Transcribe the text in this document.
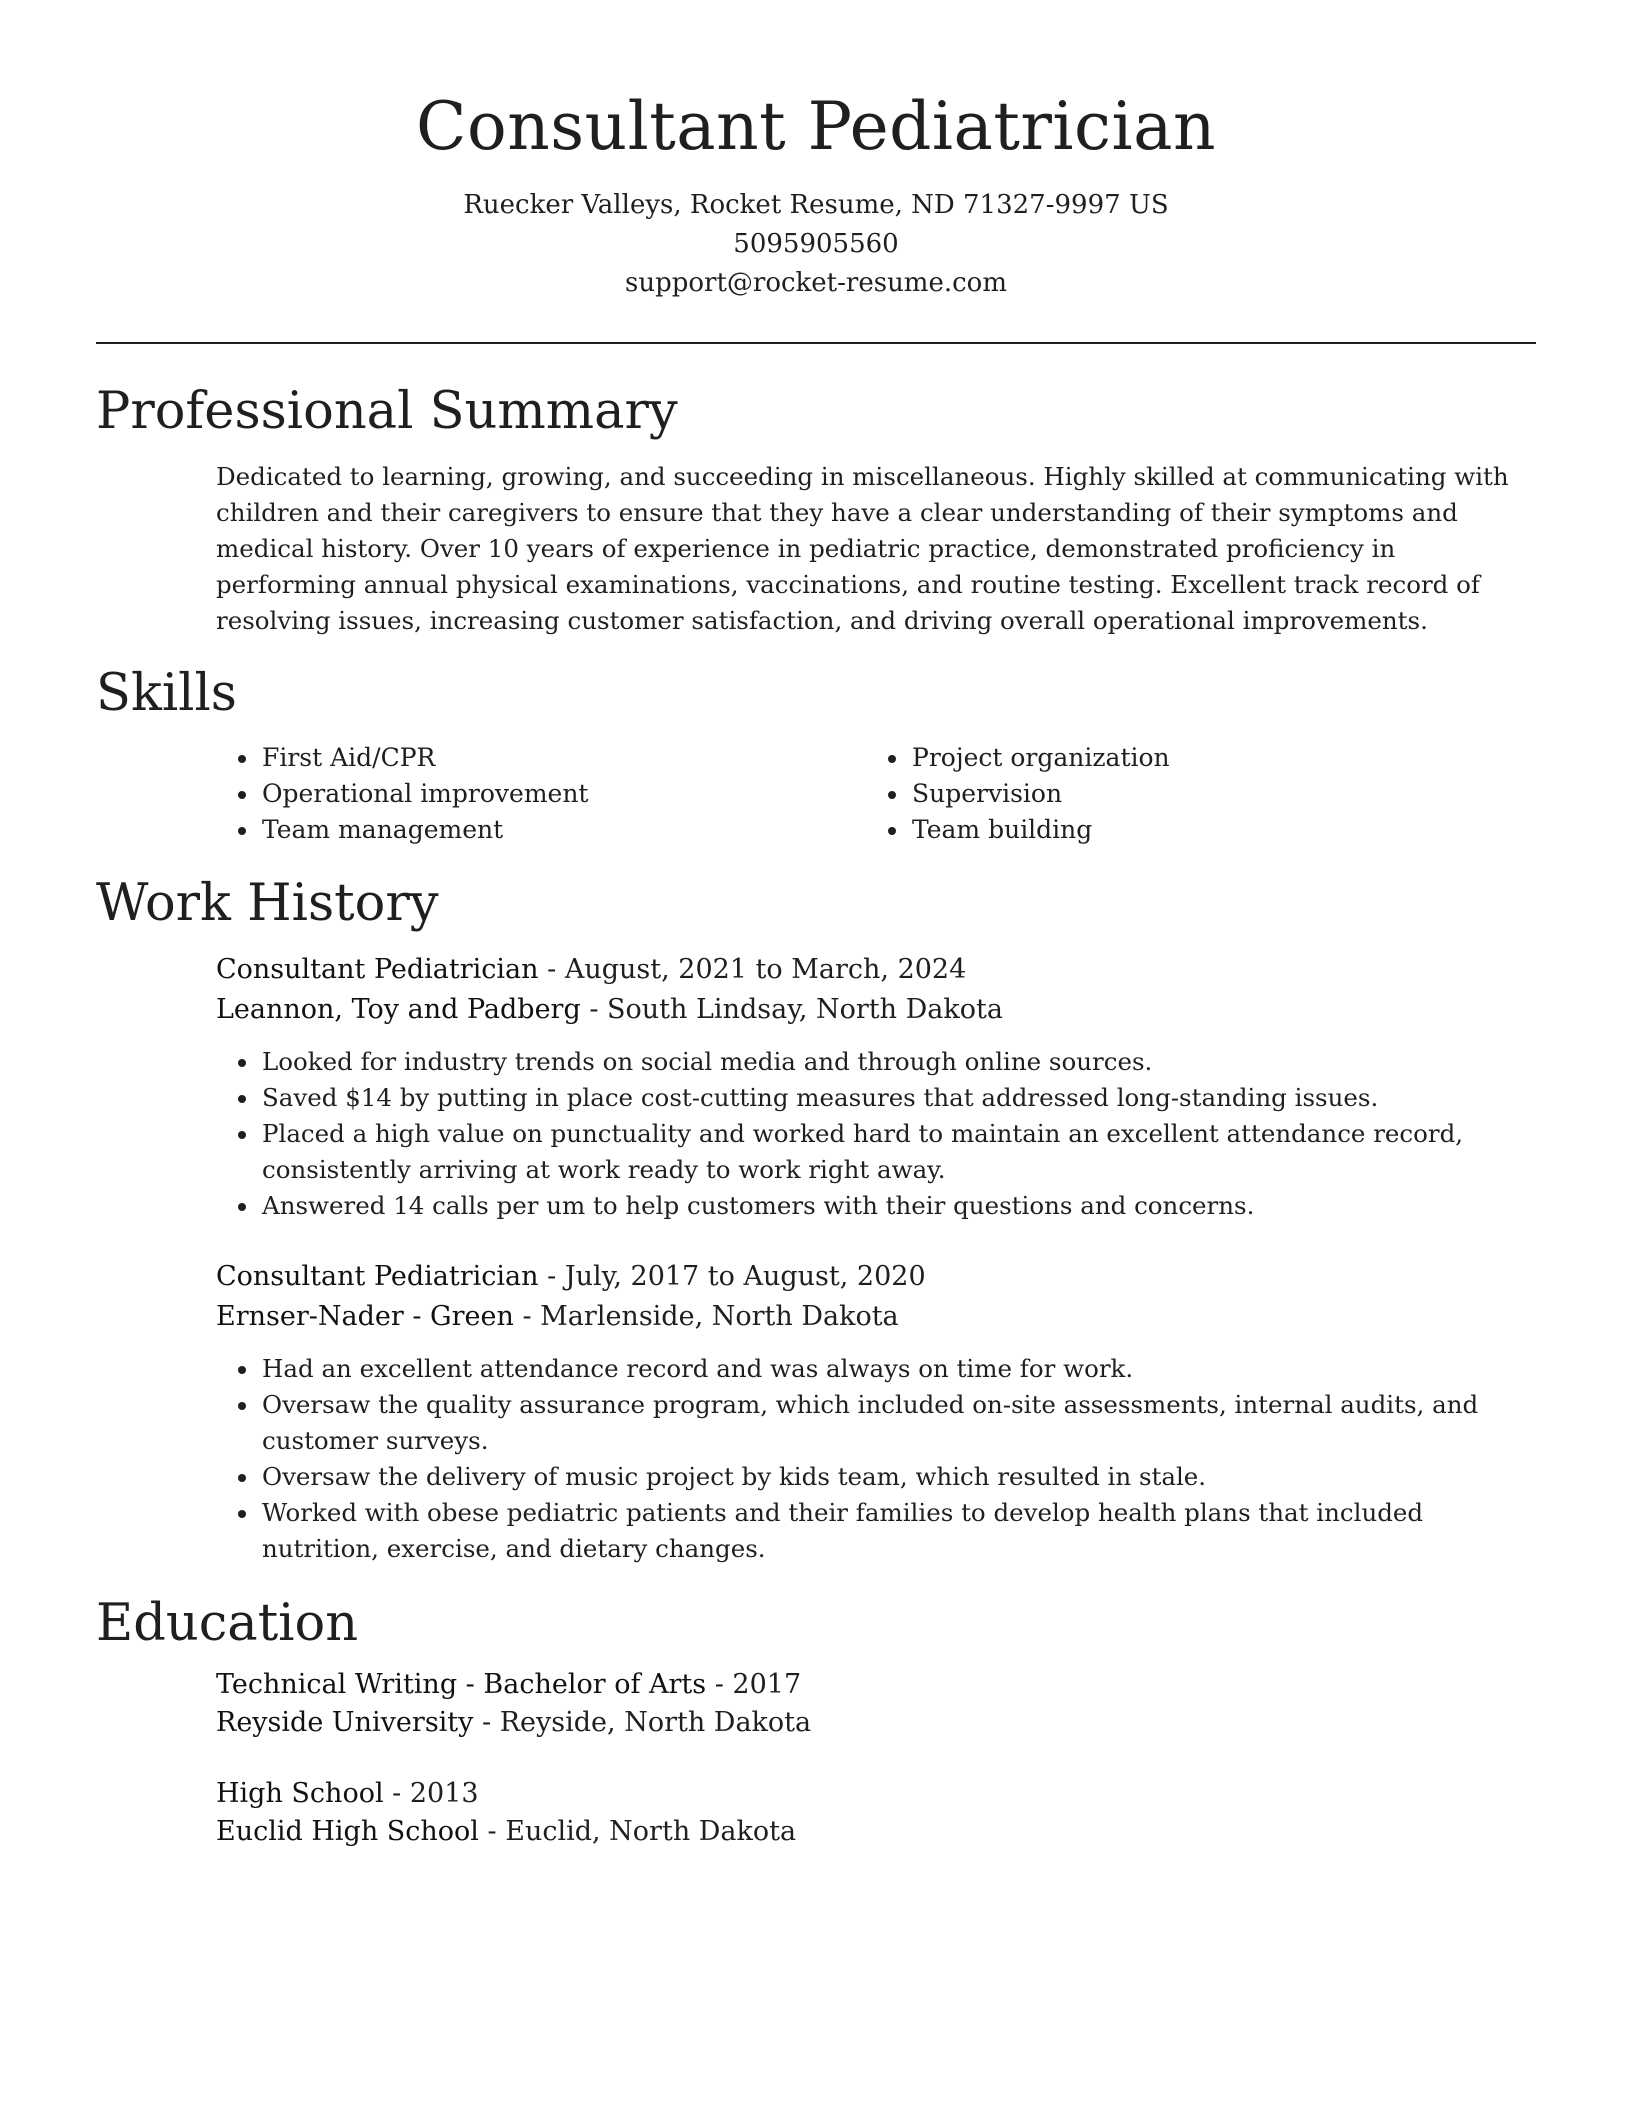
Consultant Pediatrician
Ruecker Valleys, Rocket Resume, ND 71327-9997 US
5095905560
support@rocket-resume.com
Professional Summary
Dedicated to learning, growing, and succeeding in miscellaneous. Highly skilled at communicating with children and their caregivers to ensure that they have a clear understanding of their symptoms and medical history. Over 10 years of experience in pediatric practice, demonstrated proficiency in performing annual physical examinations, vaccinations, and routine testing. Excellent track record of resolving issues, increasing customer satisfaction, and driving overall operational improvements.
Skills
• First Aid/CPR
• Operational improvement
• Team management
• Project organization
• Supervision
• Team building
Work History
Consultant Pediatrician - August, 2021 to March, 2024
Leannon, Toy and Padberg - South Lindsay, North Dakota
• Looked for industry trends on social media and through online sources.
• Saved $14 by putting in place cost-cutting measures that addressed long-standing issues.
• Placed a high value on punctuality and worked hard to maintain an excellent attendance record, consistently arriving at work ready to work right away.
• Answered 14 calls per um to help customers with their questions and concerns.
Consultant Pediatrician - July, 2017 to August, 2020
Ernser-Nader - Green - Marlenside, North Dakota
• Had an excellent attendance record and was always on time for work.
• Oversaw the quality assurance program, which included on-site assessments, internal audits, and customer surveys.
• Oversaw the delivery of music project by kids team, which resulted in stale.
• Worked with obese pediatric patients and their families to develop health plans that included nutrition, exercise, and dietary changes.
Education
Technical Writing - Bachelor of Arts - 2017
Reyside University - Reyside, North Dakota
High School - 2013
Euclid High School - Euclid, North Dakota
